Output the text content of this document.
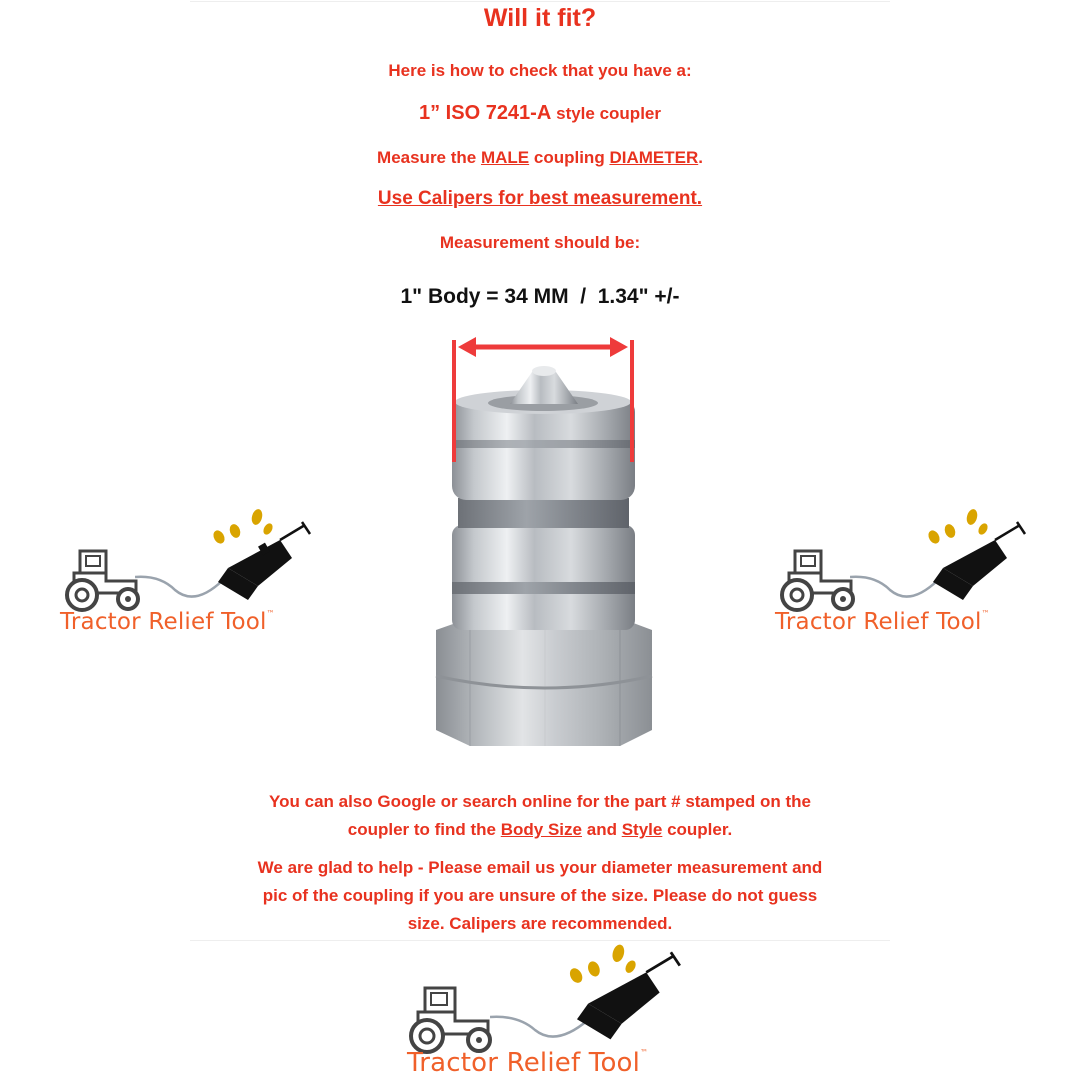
Will it fit?
Here is how to check that you have a:
1” ISO 7241-A style coupler
Measure the MALE coupling DIAMETER.
Use Calipers for best measurement.
Measurement should be:
1" Body = 34 MM  /  1.34" +/-
Tractor Relief Tool™	Tractor Relief Tool™
You can also Google or search online for the part # stamped on the
coupler to find the Body Size and Style coupler.
We are glad to help - Please email us your diameter measurement and
pic of the coupling if you are unsure of the size. Please do not guess
size. Calipers are recommended.
Tractor Relief Tool™
